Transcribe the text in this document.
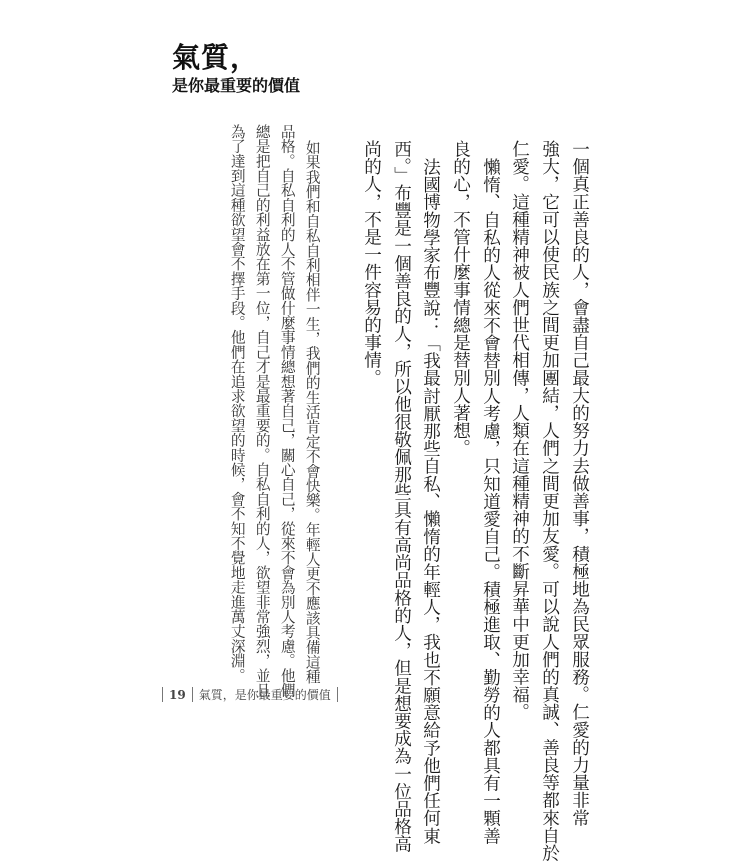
氣質，
是你最重要的價值
一個真正善良的人，會盡自己最大的努力去做善事，積極地為民眾服務。仁愛的力量非常
強大，它可以使民族之間更加團結，人們之間更加友愛。可以說人們的真誠、善良等都來自於
仁愛。這種精神被人們世代相傳，人類在這種精神的不斷昇華中更加幸福。
懶惰、自私的人從來不會替別人考慮，只知道愛自己。積極進取、勤勞的人都具有一顆善
良的心，不管什麼事情總是替別人著想。
法國博物學家布豐說：「我最討厭那些自私、懶惰的年輕人，我也不願意給予他們任何東
西。」布豐是一個善良的人，所以他很敬佩那些具有高尚品格的人，但是想要成為一位品格高
尚的人，不是一件容易的事情。
如果我們和自私自利相伴一生，我們的生活肯定不會快樂。年輕人更不應該具備這種
品格。自私自利的人不管做什麼事情總想著自己，關心自己，從來不會為別人考慮。他們
總是把自己的利益放在第一位，自己才是最重要的。自私自利的人，欲望非常強烈，並且
為了達到這種欲望會不擇手段。他們在追求欲望的時候，會不知不覺地走進萬丈深淵。
19 氣質，是你最重要的價值
